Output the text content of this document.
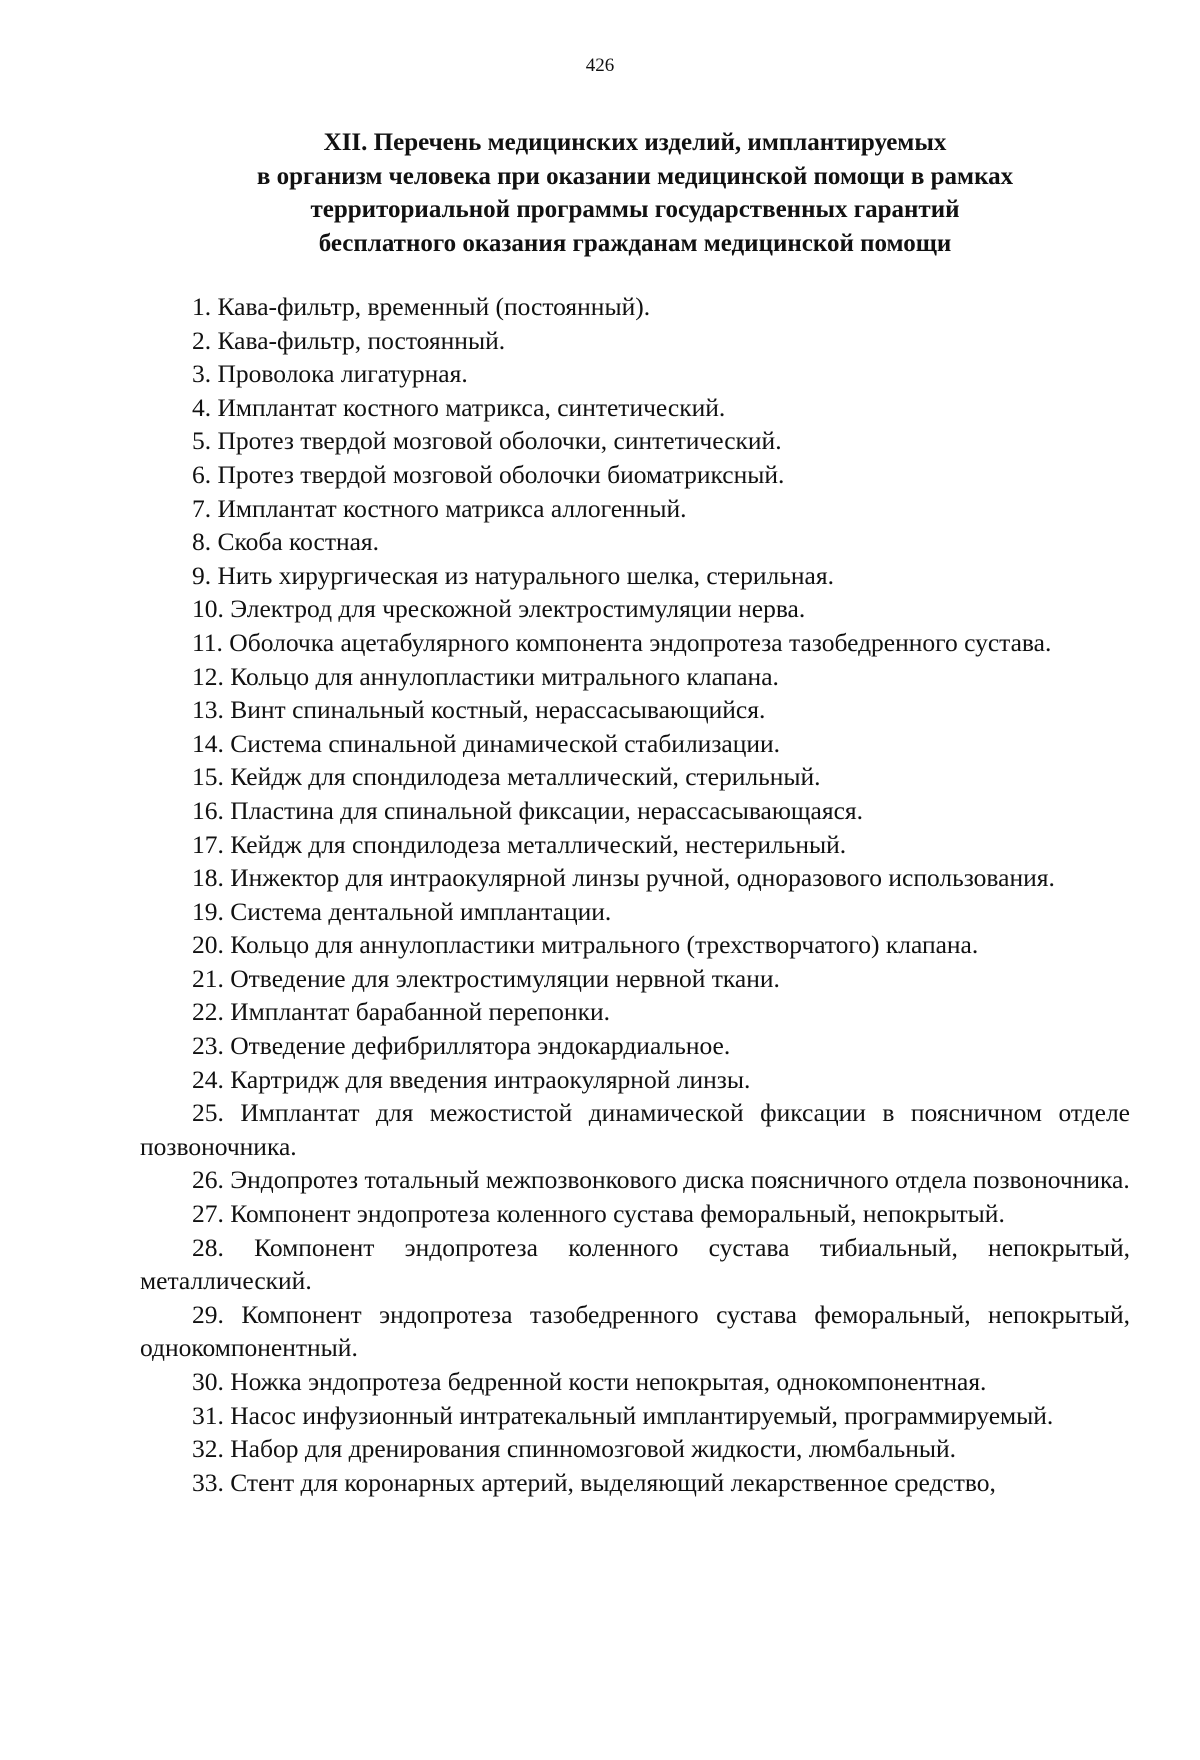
426
XII. Перечень медицинских изделий, имплантируемых
в организм человека при оказании медицинской помощи в рамках
территориальной программы государственных гарантий
бесплатного оказания гражданам медицинской помощи
1. Кава-фильтр, временный (постоянный).
2. Кава-фильтр, постоянный.
3. Проволока лигатурная.
4. Имплантат костного матрикса, синтетический.
5. Протез твердой мозговой оболочки, синтетический.
6. Протез твердой мозговой оболочки биоматриксный.
7. Имплантат костного матрикса аллогенный.
8. Скоба костная.
9. Нить хирургическая из натурального шелка, стерильная.
10. Электрод для чрескожной электростимуляции нерва.
11. Оболочка ацетабулярного компонента эндопротеза тазобедренного сустава.
12. Кольцо для аннулопластики митрального клапана.
13. Винт спинальный костный, нерассасывающийся.
14. Система спинальной динамической стабилизации.
15. Кейдж для спондилодеза металлический, стерильный.
16. Пластина для спинальной фиксации, нерассасывающаяся.
17. Кейдж для спондилодеза металлический, нестерильный.
18. Инжектор для интраокулярной линзы ручной, одноразового использования.
19. Система дентальной имплантации.
20. Кольцо для аннулопластики митрального (трехстворчатого) клапана.
21. Отведение для электростимуляции нервной ткани.
22. Имплантат барабанной перепонки.
23. Отведение дефибриллятора эндокардиальное.
24. Картридж для введения интраокулярной линзы.
25. Имплантат для межостистой динамической фиксации в поясничном отделе позвоночника.
26. Эндопротез тотальный межпозвонкового диска поясничного отдела позвоночника.
27. Компонент эндопротеза коленного сустава феморальный, непокрытый.
28. Компонент эндопротеза коленного сустава тибиальный, непокрытый, металлический.
29. Компонент эндопротеза тазобедренного сустава феморальный, непокрытый, однокомпонентный.
30. Ножка эндопротеза бедренной кости непокрытая, однокомпонентная.
31. Насос инфузионный интратекальный имплантируемый, программируемый.
32. Набор для дренирования спинномозговой жидкости, люмбальный.
33. Стент для коронарных артерий, выделяющий лекарственное средство,
